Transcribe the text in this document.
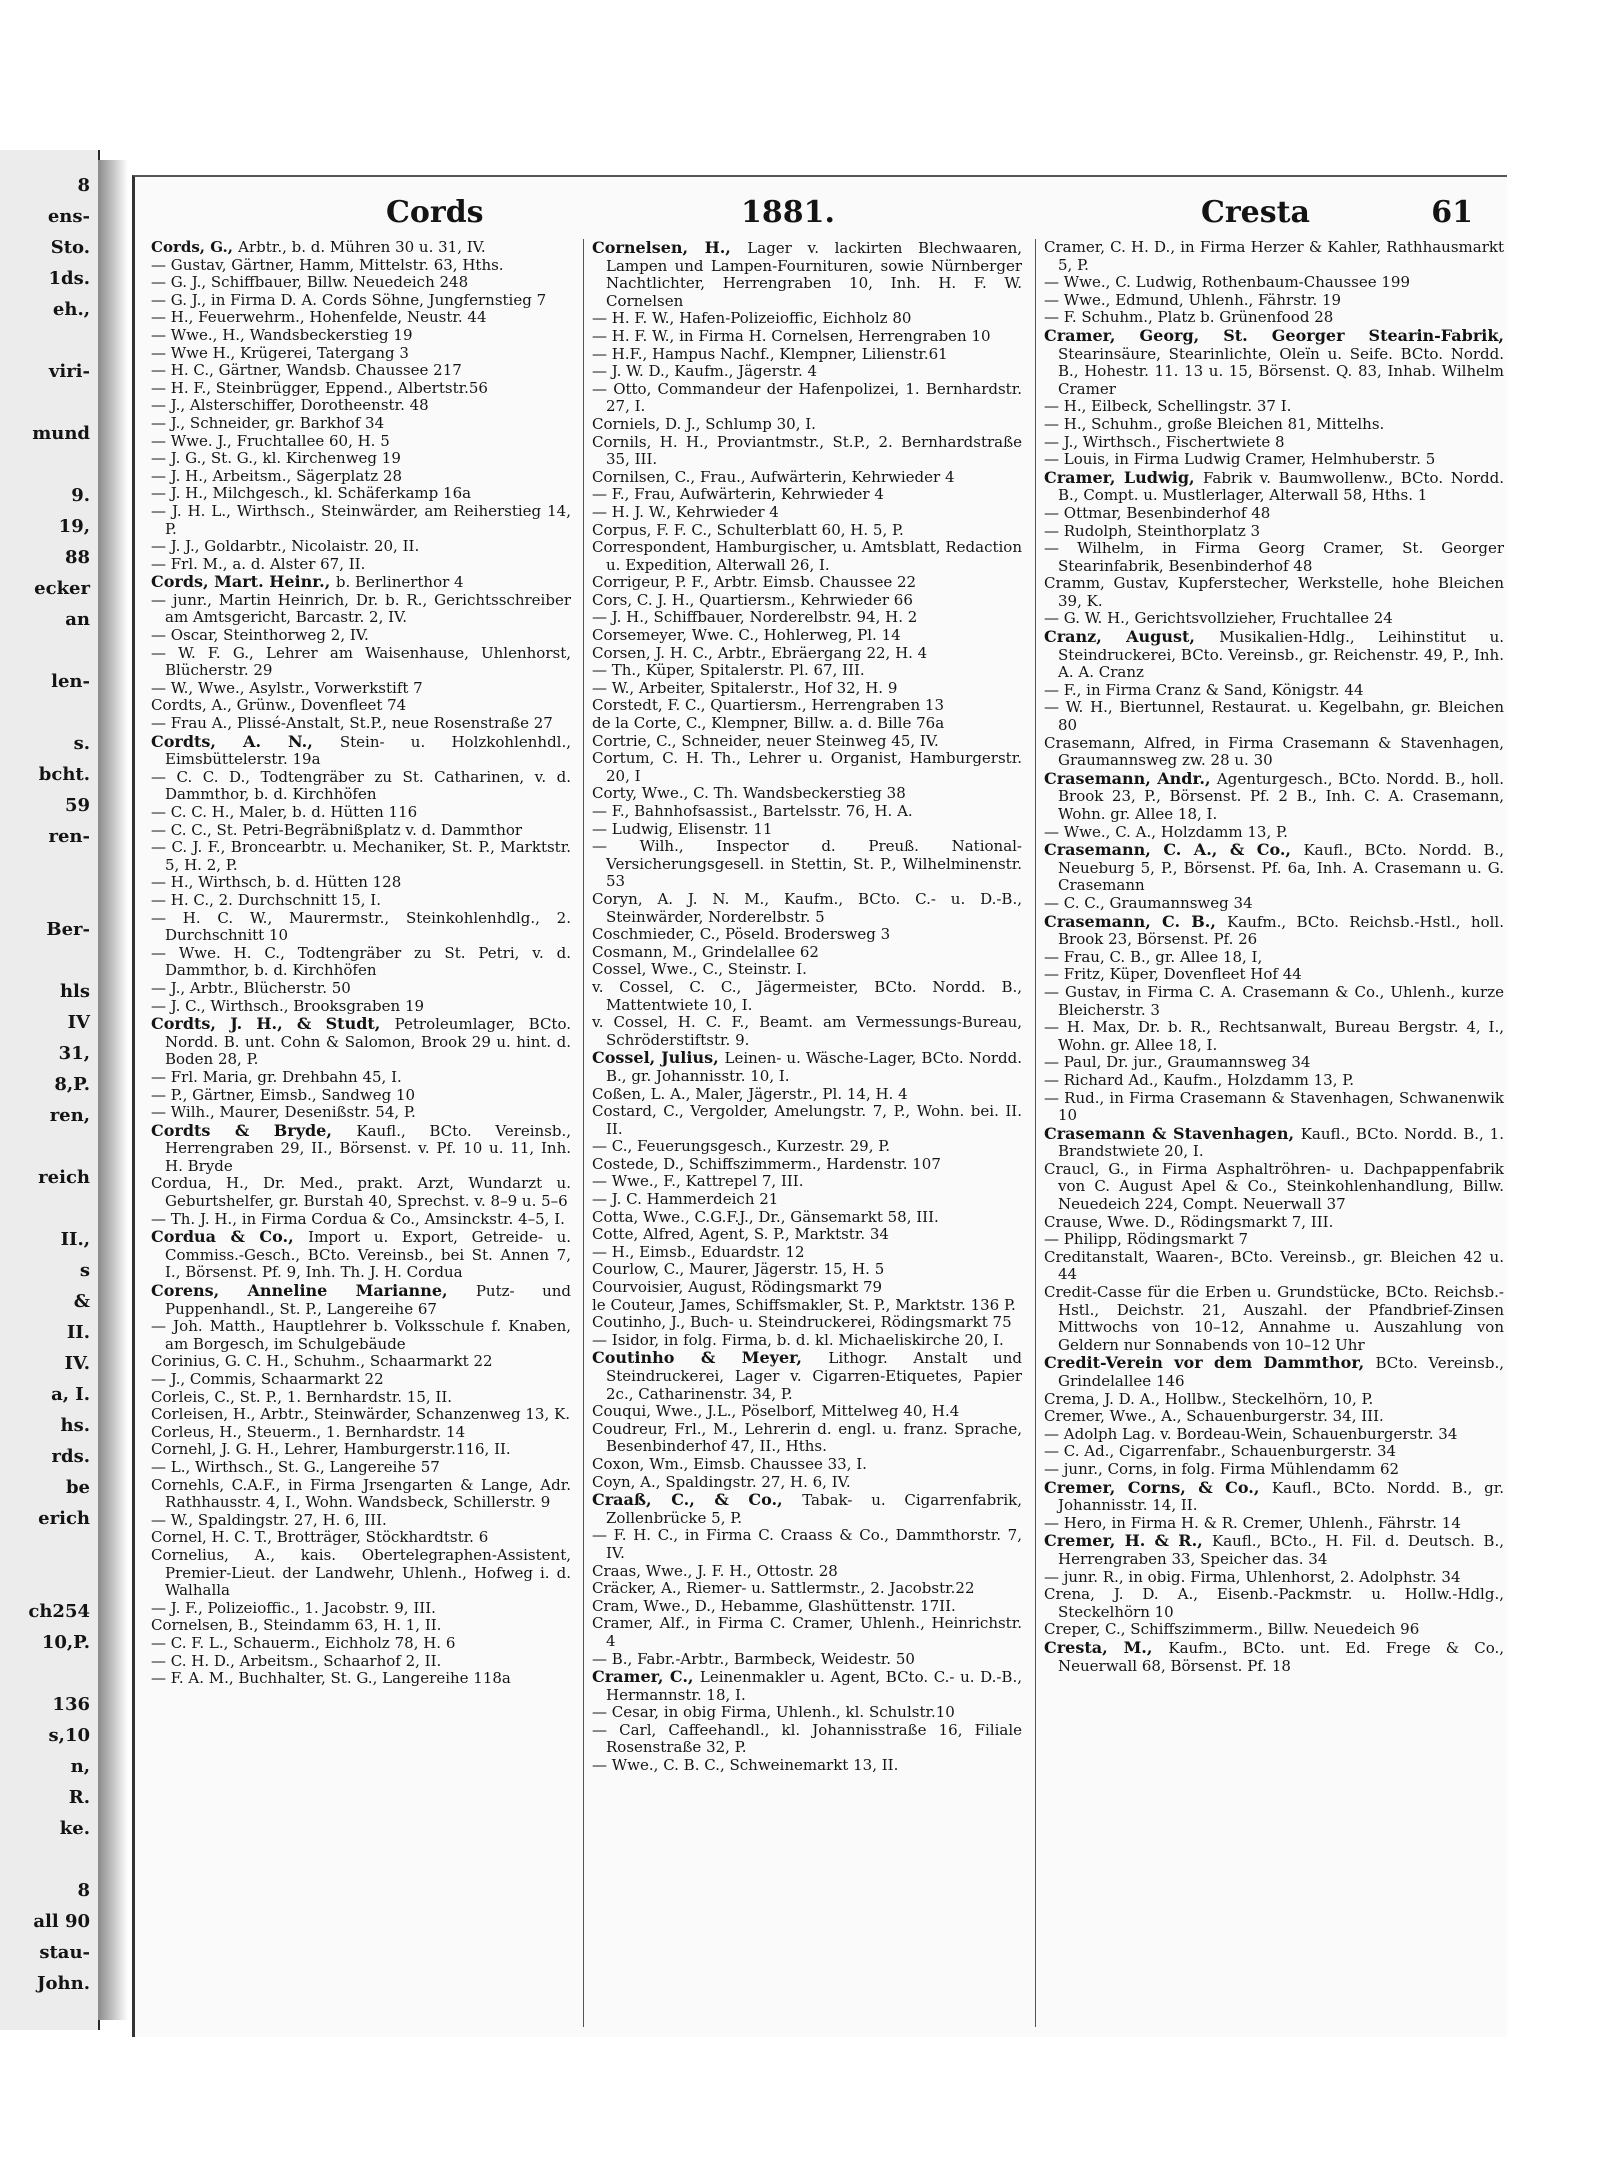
8
ens-
Sto.
1ds.
eh.,
viri-
mund
9.
19,
88
ecker
an
len-
s.
bcht.
59
ren-
Ber-
hls
IV
31,
8,P.
ren,
reich
II.,
s
&
II.
IV.
a, I.
hs.
rds.
be
erich
ch254
10,P.
136
s,10
n,
R.
ke.
8
all 90
stau-
John.
Cords	1881.	Cresta	61

Cords, G., Arbtr., b. d. Mühren 30 u. 31, IV.

— Gustav, Gärtner, Hamm, Mittelstr. 63, Hths.

— G. J., Schiffbauer, Billw. Neuedeich 248

— G. J., in Firma D. A. Cords Söhne, Jungfernstieg 7

— H., Feuerwehrm., Hohenfelde, Neustr. 44

— Wwe., H., Wandsbeckerstieg 19

— Wwe H., Krügerei, Tatergang 3

— H. C., Gärtner, Wandsb. Chaussee 217

— H. F., Steinbrügger, Eppend., Albertstr.56

— J., Alsterschiffer, Dorotheenstr. 48

— J., Schneider, gr. Barkhof 34

— Wwe. J., Fruchtallee 60, H. 5

— J. G., St. G., kl. Kirchenweg 19

— J. H., Arbeitsm., Sägerplatz 28

— J. H., Milchgesch., kl. Schäferkamp 16a

— J. H. L., Wirthsch., Steinwärder, am Reiherstieg 14, P.

— J. J., Goldarbtr., Nicolaistr. 20, II.

— Frl. M., a. d. Alster 67, II.

Cords, Mart. Heinr., b. Berlinerthor 4

— junr., Martin Heinrich, Dr. b. R., Gerichtsschreiber am Amtsgericht, Barcastr. 2, IV.

— Oscar, Steinthorweg 2, IV.

— W. F. G., Lehrer am Waisenhause, Uhlenhorst, Blücherstr. 29

— W., Wwe., Asylstr., Vorwerkstift 7

Cordts, A., Grünw., Dovenfleet 74

— Frau A., Plissé-Anstalt, St.P., neue Rosenstraße 27

Cordts, A. N., Stein- u. Holzkohlenhdl., Eimsbüttelerstr. 19a

— C. C. D., Todtengräber zu St. Catharinen, v. d. Dammthor, b. d. Kirchhöfen

— C. C. H., Maler, b. d. Hütten 116

— C. C., St. Petri-Begräbnißplatz v. d. Dammthor

— C. J. F., Broncearbtr. u. Mechaniker, St. P., Marktstr. 5, H. 2, P.

— H., Wirthsch, b. d. Hütten 128

— H. C., 2. Durchschnitt 15, I.

— H. C. W., Maurermstr., Steinkohlenhdlg., 2. Durchschnitt 10

— Wwe. H. C., Todtengräber zu St. Petri, v. d. Dammthor, b. d. Kirchhöfen

— J., Arbtr., Blücherstr. 50

— J. C., Wirthsch., Brooksgraben 19

Cordts, J. H., & Studt, Petroleumlager, BCto. Nordd. B. unt. Cohn & Salomon, Brook 29 u. hint. d. Boden 28, P.

— Frl. Maria, gr. Drehbahn 45, I.

— P., Gärtner, Eimsb., Sandweg 10

— Wilh., Maurer, Desenißstr. 54, P.

Cordts & Bryde, Kaufl., BCto. Vereinsb., Herrengraben 29, II., Börsenst. v. Pf. 10 u. 11, Inh. H. Bryde

Cordua, H., Dr. Med., prakt. Arzt, Wundarzt u. Geburtshelfer, gr. Burstah 40, Sprechst. v. 8–9 u. 5–6

— Th. J. H., in Firma Cordua & Co., Amsinckstr. 4–5, I.

Cordua & Co., Import u. Export, Getreide- u. Commiss.-Gesch., BCto. Vereinsb., bei St. Annen 7, I., Börsenst. Pf. 9, Inh. Th. J. H. Cordua

Corens, Anneline Marianne, Putz- und Puppenhandl., St. P., Langereihe 67

— Joh. Matth., Hauptlehrer b. Volksschule f. Knaben, am Borgesch, im Schulgebäude

Corinius, G. C. H., Schuhm., Schaarmarkt 22

— J., Commis, Schaarmarkt 22

Corleis, C., St. P., 1. Bernhardstr. 15, II.

Corleisen, H., Arbtr., Steinwärder, Schanzenweg 13, K.

Corleus, H., Steuerm., 1. Bernhardstr. 14

Cornehl, J. G. H., Lehrer, Hamburgerstr.116, II.

— L., Wirthsch., St. G., Langereihe 57

Cornehls, C.A.F., in Firma Jrsengarten & Lange, Adr. Rathhausstr. 4, I., Wohn. Wandsbeck, Schillerstr. 9

— W., Spaldingstr. 27, H. 6, III.

Cornel, H. C. T., Brotträger, Stöckhardtstr. 6

Cornelius, A., kais. Obertelegraphen-Assistent, Premier-Lieut. der Landwehr, Uhlenh., Hofweg i. d. Walhalla

— J. F., Polizeioffic., 1. Jacobstr. 9, III.

Cornelsen, B., Steindamm 63, H. 1, II.

— C. F. L., Schauerm., Eichholz 78, H. 6

— C. H. D., Arbeitsm., Schaarhof 2, II.

— F. A. M., Buchhalter, St. G., Langereihe 118a

Cornelsen, H., Lager v. lackirten Blechwaaren, Lampen und Lampen-Fournituren, sowie Nürnberger Nachtlichter, Herrengraben 10, Inh. H. F. W. Cornelsen

— H. F. W., Hafen-Polizeioffic, Eichholz 80

— H. F. W., in Firma H. Cornelsen, Herrengraben 10

— H.F., Hampus Nachf., Klempner, Lilienstr.61

— J. W. D., Kaufm., Jägerstr. 4

— Otto, Commandeur der Hafenpolizei, 1. Bernhardstr. 27, I.

Corniels, D. J., Schlump 30, I.

Cornils, H. H., Proviantmstr., St.P., 2. Bernhardstraße 35, III.

Cornilsen, C., Frau., Aufwärterin, Kehrwieder 4

— F., Frau, Aufwärterin, Kehrwieder 4

— H. J. W., Kehrwieder 4

Corpus, F. F. C., Schulterblatt 60, H. 5, P.

Correspondent, Hamburgischer, u. Amtsblatt, Redaction u. Expedition, Alterwall 26, I.

Corrigeur, P. F., Arbtr. Eimsb. Chaussee 22

Cors, C. J. H., Quartiersm., Kehrwieder 66

— J. H., Schiffbauer, Norderelbstr. 94, H. 2

Corsemeyer, Wwe. C., Hohlerweg, Pl. 14

Corsen, J. H. C., Arbtr., Ebräergang 22, H. 4

— Th., Küper, Spitalerstr. Pl. 67, III.

— W., Arbeiter, Spitalerstr., Hof 32, H. 9

Corstedt, F. C., Quartiersm., Herrengraben 13

de la Corte, C., Klempner, Billw. a. d. Bille 76a

Cortrie, C., Schneider, neuer Steinweg 45, IV.

Cortum, C. H. Th., Lehrer u. Organist, Hamburgerstr. 20, I

Corty, Wwe., C. Th. Wandsbeckerstieg 38

— F., Bahnhofsassist., Bartelsstr. 76, H. A.

— Ludwig, Elisenstr. 11

— Wilh., Inspector d. Preuß. National-Versicherungsgesell. in Stettin, St. P., Wilhelminenstr. 53

Coryn, A. J. N. M., Kaufm., BCto. C.- u. D.-B., Steinwärder, Norderelbstr. 5

Coschmieder, C., Pöseld. Brodersweg 3

Cosmann, M., Grindelallee 62

Cossel, Wwe., C., Steinstr. I.

v. Cossel, C. C., Jägermeister, BCto. Nordd. B., Mattentwiete 10, I.

v. Cossel, H. C. F., Beamt. am Vermessungs-Bureau, Schröderstiftstr. 9.

Cossel, Julius, Leinen- u. Wäsche-Lager, BCto. Nordd. B., gr. Johannisstr. 10, I.

Coßen, L. A., Maler, Jägerstr., Pl. 14, H. 4

Costard, C., Vergolder, Amelungstr. 7, P., Wohn. bei. II. II.

— C., Feuerungsgesch., Kurzestr. 29, P.

Costede, D., Schiffszimmerm., Hardenstr. 107

— Wwe., F., Kattrepel 7, III.

— J. C. Hammerdeich 21

Cotta, Wwe., C.G.F.J., Dr., Gänsemarkt 58, III.

Cotte, Alfred, Agent, S. P., Marktstr. 34

— H., Eimsb., Eduardstr. 12

Courlow, C., Maurer, Jägerstr. 15, H. 5

Courvoisier, August, Rödingsmarkt 79

le Couteur, James, Schiffsmakler, St. P., Marktstr. 136 P.

Coutinho, J., Buch- u. Steindruckerei, Rödingsmarkt 75

— Isidor, in folg. Firma, b. d. kl. Michaeliskirche 20, I.

Coutinho & Meyer, Lithogr. Anstalt und Steindruckerei, Lager v. Cigarren-Etiquetes, Papier 2c., Catharinenstr. 34, P.

Couqui, Wwe., J.L., Pöselborf, Mittelweg 40, H.4

Coudreur, Frl., M., Lehrerin d. engl. u. franz. Sprache, Besenbinderhof 47, II., Hths.

Coxon, Wm., Eimsb. Chaussee 33, I.

Coyn, A., Spaldingstr. 27, H. 6, IV.

Craaß, C., & Co., Tabak- u. Cigarrenfabrik, Zollenbrücke 5, P.

— F. H. C., in Firma C. Craass & Co., Dammthorstr. 7, IV.

Craas, Wwe., J. F. H., Ottostr. 28

Cräcker, A., Riemer- u. Sattlermstr., 2. Jacobstr.22

Cram, Wwe., D., Hebamme, Glashüttenstr. 17II.

Cramer, Alf., in Firma C. Cramer, Uhlenh., Heinrichstr. 4

— B., Fabr.-Arbtr., Barmbeck, Weidestr. 50

Cramer, C., Leinenmakler u. Agent, BCto. C.- u. D.-B., Hermannstr. 18, I.

— Cesar, in obig Firma, Uhlenh., kl. Schulstr.10

— Carl, Caffeehandl., kl. Johannisstraße 16, Filiale Rosenstraße 32, P.

— Wwe., C. B. C., Schweinemarkt 13, II.

Cramer, C. H. D., in Firma Herzer & Kahler, Rathhausmarkt 5, P.

— Wwe., C. Ludwig, Rothenbaum-Chaussee 199

— Wwe., Edmund, Uhlenh., Fährstr. 19

— F. Schuhm., Platz b. Grünenfood 28

Cramer, Georg, St. Georger Stearin-Fabrik, Stearinsäure, Stearinlichte, Oleïn u. Seife. BCto. Nordd. B., Hohestr. 11. 13 u. 15, Börsenst. Q. 83, Inhab. Wilhelm Cramer

— H., Eilbeck, Schellingstr. 37 I.

— H., Schuhm., große Bleichen 81, Mittelhs.

— J., Wirthsch., Fischertwiete 8

— Louis, in Firma Ludwig Cramer, Helmhuberstr. 5

Cramer, Ludwig, Fabrik v. Baumwollenw., BCto. Nordd. B., Compt. u. Mustlerlager, Alterwall 58, Hths. 1

— Ottmar, Besenbinderhof 48

— Rudolph, Steinthorplatz 3

— Wilhelm, in Firma Georg Cramer, St. Georger Stearinfabrik, Besenbinderhof 48

Cramm, Gustav, Kupferstecher, Werkstelle, hohe Bleichen 39, K.

— G. W. H., Gerichtsvollzieher, Fruchtallee 24

Cranz, August, Musikalien-Hdlg., Leihinstitut u. Steindruckerei, BCto. Vereinsb., gr. Reichenstr. 49, P., Inh. A. A. Cranz

— F., in Firma Cranz & Sand, Königstr. 44

— W. H., Biertunnel, Restaurat. u. Kegelbahn, gr. Bleichen 80

Crasemann, Alfred, in Firma Crasemann & Stavenhagen, Graumannsweg zw. 28 u. 30

Crasemann, Andr., Agenturgesch., BCto. Nordd. B., holl. Brook 23, P., Börsenst. Pf. 2 B., Inh. C. A. Crasemann, Wohn. gr. Allee 18, I.

— Wwe., C. A., Holzdamm 13, P.

Crasemann, C. A., & Co., Kaufl., BCto. Nordd. B., Neueburg 5, P., Börsenst. Pf. 6a, Inh. A. Crasemann u. G. Crasemann

— C. C., Graumannsweg 34

Crasemann, C. B., Kaufm., BCto. Reichsb.-Hstl., holl. Brook 23, Börsenst. Pf. 26

— Frau, C. B., gr. Allee 18, I,

— Fritz, Küper, Dovenfleet Hof 44

— Gustav, in Firma C. A. Crasemann & Co., Uhlenh., kurze Bleicherstr. 3

— H. Max, Dr. b. R., Rechtsanwalt, Bureau Bergstr. 4, I., Wohn. gr. Allee 18, I.

— Paul, Dr. jur., Graumannsweg 34

— Richard Ad., Kaufm., Holzdamm 13, P.

— Rud., in Firma Crasemann & Stavenhagen, Schwanenwik 10

Crasemann & Stavenhagen, Kaufl., BCto. Nordd. B., 1. Brandstwiete 20, I.

Craucl, G., in Firma Asphaltröhren- u. Dachpappenfabrik von C. August Apel & Co., Steinkohlenhandlung, Billw. Neuedeich 224, Compt. Neuerwall 37

Crause, Wwe. D., Rödingsmarkt 7, III.

— Philipp, Rödingsmarkt 7

Creditanstalt, Waaren-, BCto. Vereinsb., gr. Bleichen 42 u. 44

Credit-Casse für die Erben u. Grundstücke, BCto. Reichsb.-Hstl., Deichstr. 21, Auszahl. der Pfandbrief-Zinsen Mittwochs von 10–12, Annahme u. Auszahlung von Geldern nur Sonnabends von 10–12 Uhr

Credit-Verein vor dem Dammthor, BCto. Vereinsb., Grindelallee 146

Crema, J. D. A., Hollbw., Steckelhörn, 10, P.

Cremer, Wwe., A., Schauenburgerstr. 34, III.

— Adolph Lag. v. Bordeau-Wein, Schauenburgerstr. 34

— C. Ad., Cigarrenfabr., Schauenburgerstr. 34

— junr., Corns, in folg. Firma Mühlendamm 62

Cremer, Corns, & Co., Kaufl., BCto. Nordd. B., gr. Johannisstr. 14, II.

— Hero, in Firma H. & R. Cremer, Uhlenh., Fährstr. 14

Cremer, H. & R., Kaufl., BCto., H. Fil. d. Deutsch. B., Herrengraben 33, Speicher das. 34

— junr. R., in obig. Firma, Uhlenhorst, 2. Adolphstr. 34

Crena, J. D. A., Eisenb.-Packmstr. u. Hollw.-Hdlg., Steckelhörn 10

Creper, C., Schiffszimmerm., Billw. Neuedeich 96

Cresta, M., Kaufm., BCto. unt. Ed. Frege & Co., Neuerwall 68, Börsenst. Pf. 18
